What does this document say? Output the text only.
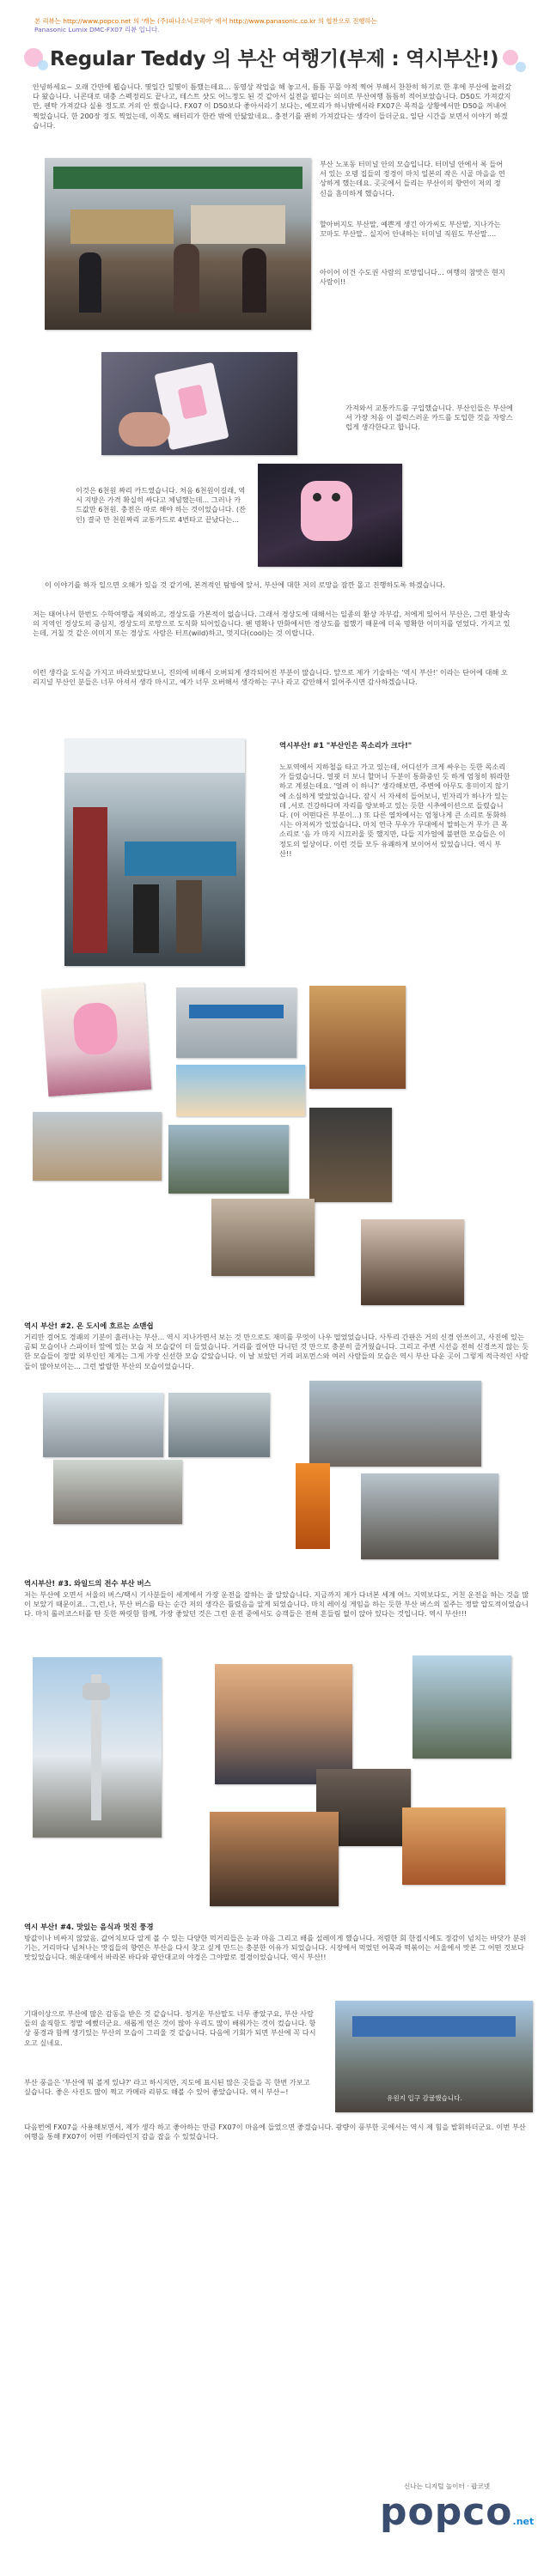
본 리뷰는 http://www.popco.net 의 '캐논 (주)파나소닉코리아' 에서 http://www.panasonic.co.kr 의 협찬으로 진행하는
Panasonic Lumix DMC-FX07 리뷰 입니다.
Regular Teddy 의 부산 여행기(부제 : 역시부산!)
안녕하세요~ 오래 간만에 뵙습니다. 몇일간 일몇이 틈했는데요... 동영상 작업을 해 놓고서, 틈틈 꾸몰 야적 찍어 부해서 찬찬히 하기로 한 후에 부산에 놀러갔다 왔습니다. 니콘대로 대충 스펙정리도 끝나고, 테스트 샷도 어느정도 된 것 같아서 실전을 펼다는 의미로 부산여행 틈틈히 적어보았습니다. D50도 가져갔지만, 펜탁 가져갔다 실용 정도로 거의 안 썼습니다. FX07 이 D50보다 좋아서라기 보다는, 예모리가 하니밖에서라 FX07은 목적을 상황에서만 D50을 꺼내어 찍었습니다. 한 200장 정도 찍었는데, 이쪽도 배터리가 한칸 밖에 안닳았네요.. 충전기를 괜히 가져갔다는 생각이 들더군요. 일단 시간을 보면서 이야기 하겠습니다.
부산 노포동 터미널 안의 모습입니다. 터미널 안에서 록 들어서 있는 오뎅 집들의 정경이 마치 일본의 작은 시골 마을을 연상하게 했는데요. 곳곳에서 들리는 부산이의 향연이 저의 정신을 흠미하게 했습니다.
할아버지도 부산말, 예쁜게 생긴 아가씨도 부산말, 지나가는 꼬마도 부산말.. 실지어 안내하는 터미널 직원도 부산말....
아이어 이건 수도권 사람의 로망입니다... 여행의 참맛은 현지 사람이!!
가져와서 교통카드를 구입했습니다. 부산인들은 부산에서 가장 처음 이 블럭스러운 카드를 도입한 것을 자랑스럽게 생각한다고 합니다.
이것은 6천원 짜리 카드였습니다. 처음 6천원이길래, 역시 지방은 가격 확실히 싸다고 체념했는데... 그러나 카드값만 6천원. 충전은 따로 해야 하는 것이었습니다. (잔인) 결국 만 천원짜리 교통카드로 4번타고 끝났다는...
이 이야기를 하자 일으면 오해가 있을 것 같기에, 본격적인 탐방에 앞서, 부산에 대한 저의 로망을 잠깐 몰고 진행하도록 하겠습니다.
저는 태어나서 한번도 수학여행을 제외하고, 경상도를 가본적이 없습니다. 그래서 경상도에 대해서는 일종의 환상 자부감, 저에게 있어서 부산은, 그런 환상속의 지역인 경상도의 중심지, 경상도의 로망으로 도식화 되어있습니다. 왠 명확나 만화에서만 경상도를 접했기 때문에 더욱 명확한 이미지를 얻었다. 가지고 있는데, 거칠 것 같은 이미지 또는 경상도 사람은 터프(wild)하고, 멋지다(cool)는 것 이랍니다.
이런 생각을 도식을 가지고 바라보았다보니, 진의에 비해서 오버되게 생각되어진 부분이 많습니다. 앞으로 제가 기술하는 '역시 부산!' 이라는 단어에 대해 오리지널 부산인 분들은 너무 아셔서 생각 마시고, 예가 너무 오버해서 생각하는 구나 라고 감안해서 읽어주시면 감사하겠습니다.
역시부산! #1 "부산인은 목소리가 크다!"
노포역에서 지하철을 타고 가고 있는데, 어디선가 크게 싸우는 듯한 목소리가 들렸습니다. 얼핏 더 보니 할머니 두분이 통화중인 듯 하게 엄청히 뭐라한 하고 계셨는데요. '얼려 이 하니?' 생각해보면, 주변에 아무도 흥미이지 않기에 소심하게 맞았었습니다. 잠시 서 자세히 들어보니, 빈자리가 하나가 있는데 ,서로 건강하다며 자리를 양보하고 있는 듯한 시추에이션으로 들렸습니다. (이 어떤다른 부분이...) 또 다른 열차에서는 엄청나게 큰 소리로 통화하시는 아저씨가 있었습니다. 마치 연극 무우가 무대에서 말하는거 무가 큰 목소리로 '음 가 마지 시끄러울 뜻 했지만, 다들 지가얼에 불편한 모습들은 이 정도의 일상이다. 이런 것들 모두 유쾌하게 보이어서 있었습니다. 역시 부산!!
역시 부산! #2. 온 도시에 흐르는 쇼맨쉽
거리만 걸어도 경쾌의 기분이 흘러나는 부산... 역시 지나가면서 보는 것 만으로도 재미를 무엇이 나우 떨었었습니다. 사투리 간판은 거의 신경 안쓰이고, 사진에 있는 곰퇴 모습이나 스파이터 앞에 있는 모습 저 모습같이 더 들었습니다. 거리를 걸어만 다니던 것 만으로 충분히 즐거웠습니다. 그리고 주변 시선을 전혀 신경쓰지 않는 듯 한 모습들이 정말 외부인인 제게는 그게 가장 신선한 모습 같았습니다. 이 날 보았던 거리 퍼포먼스와 여러 사람들의 모습은 역시 부산 다운 곳이 그렇게 적극적인 사람들이 많아보이는... 그런 발랄한 부산의 모습이었습니다.
역시부산! #3. 와일드의 전수 부산 버스
저는 부산에 오면서 서울의 버스/택시 기사분들이 세계에서 가장 운전을 잘하는 줄 알았습니다. 지금까지 제가 다녀본 세계 여느 지역보다도, 거친 운전을 하는 것을 많이 보았기 때문이죠.. 그,런,나, 부산 버스를 타는 순간 저의 생각은 틀렸음을 알게 되었습니다. 마치 레이싱 게임을 하는 듯한 부산 버스의 질주는 정말 압도적이었습니다. 마치 롤러코스터를 탄 듯한 짜릿함 함께, 가장 좋았던 것은 그런 운전 중에서도 승객들은 전혀 흔들림 없이 앉아 있다는 것입니다. 역시 부산!!!
역시 부산! #4. 맛있는 음식과 멋진 풍경
방값이나 비싸지 않았음. 값어치보다 알게 볼 수 있는 다양한 먹거리들은 눈과 마음 그리고 배를 설레이게 했습니다. 저렴한 회 한접시에도 정감이 넘치는 바닷가 분위기는, 거리마다 넘쳐나는 맛집들의 향연은 부산을 다시 찾고 싶게 만드는 충분한 이유가 되었습니다. 시장에서 먹었던 어묵과 떡볶이는 서울에서 맛본 그 어떤 것보다 맛있었습니다. 해운대에서 바라본 바다와 광안대교의 야경은 그야말로 절경이었습니다. 역시 부산!!
기대이상으로 부산에 많은 감동을 받은 것 같습니다. 정겨운 부산말도 너무 좋았구요, 부산 사람들의 솔직함도 정말 예뻤더군요. 새롭게 얻은 것이 많아 우리도 많이 배워가는 것이 컸습니다. 항상 풍경과 함께 생기있는 부산의 모습이 그리울 것 같습니다. 다음에 기회가 되면 부산에 꼭 다시 오고 싶네요.
유원지 입구 감귤했습니다.
부산 풍을은 '부산에 뭐 볼게 있냐?' 라고 하시지만, 지도에 표시된 많은 곳들을 꼭 한번 가보고 싶습니다. 좋은 사진도 많이 찍고 카메라 리뷰도 해볼 수 있어 좋았습니다. 역시 부산~!
다음번에 FX07을 사용해보면서, 제가 생각 하고 좋아하는 만큼 FX07이 마음에 들었으면 좋겠습니다. 광량이 풍부한 곳에서는 역시 제 힘을 발휘하더군요. 이번 부산 여행을 통해 FX07이 어떤 카메라인지 감을 잡을 수 있었습니다.
신나는 디지털 놀이터 · 팝코넷
popco.net
